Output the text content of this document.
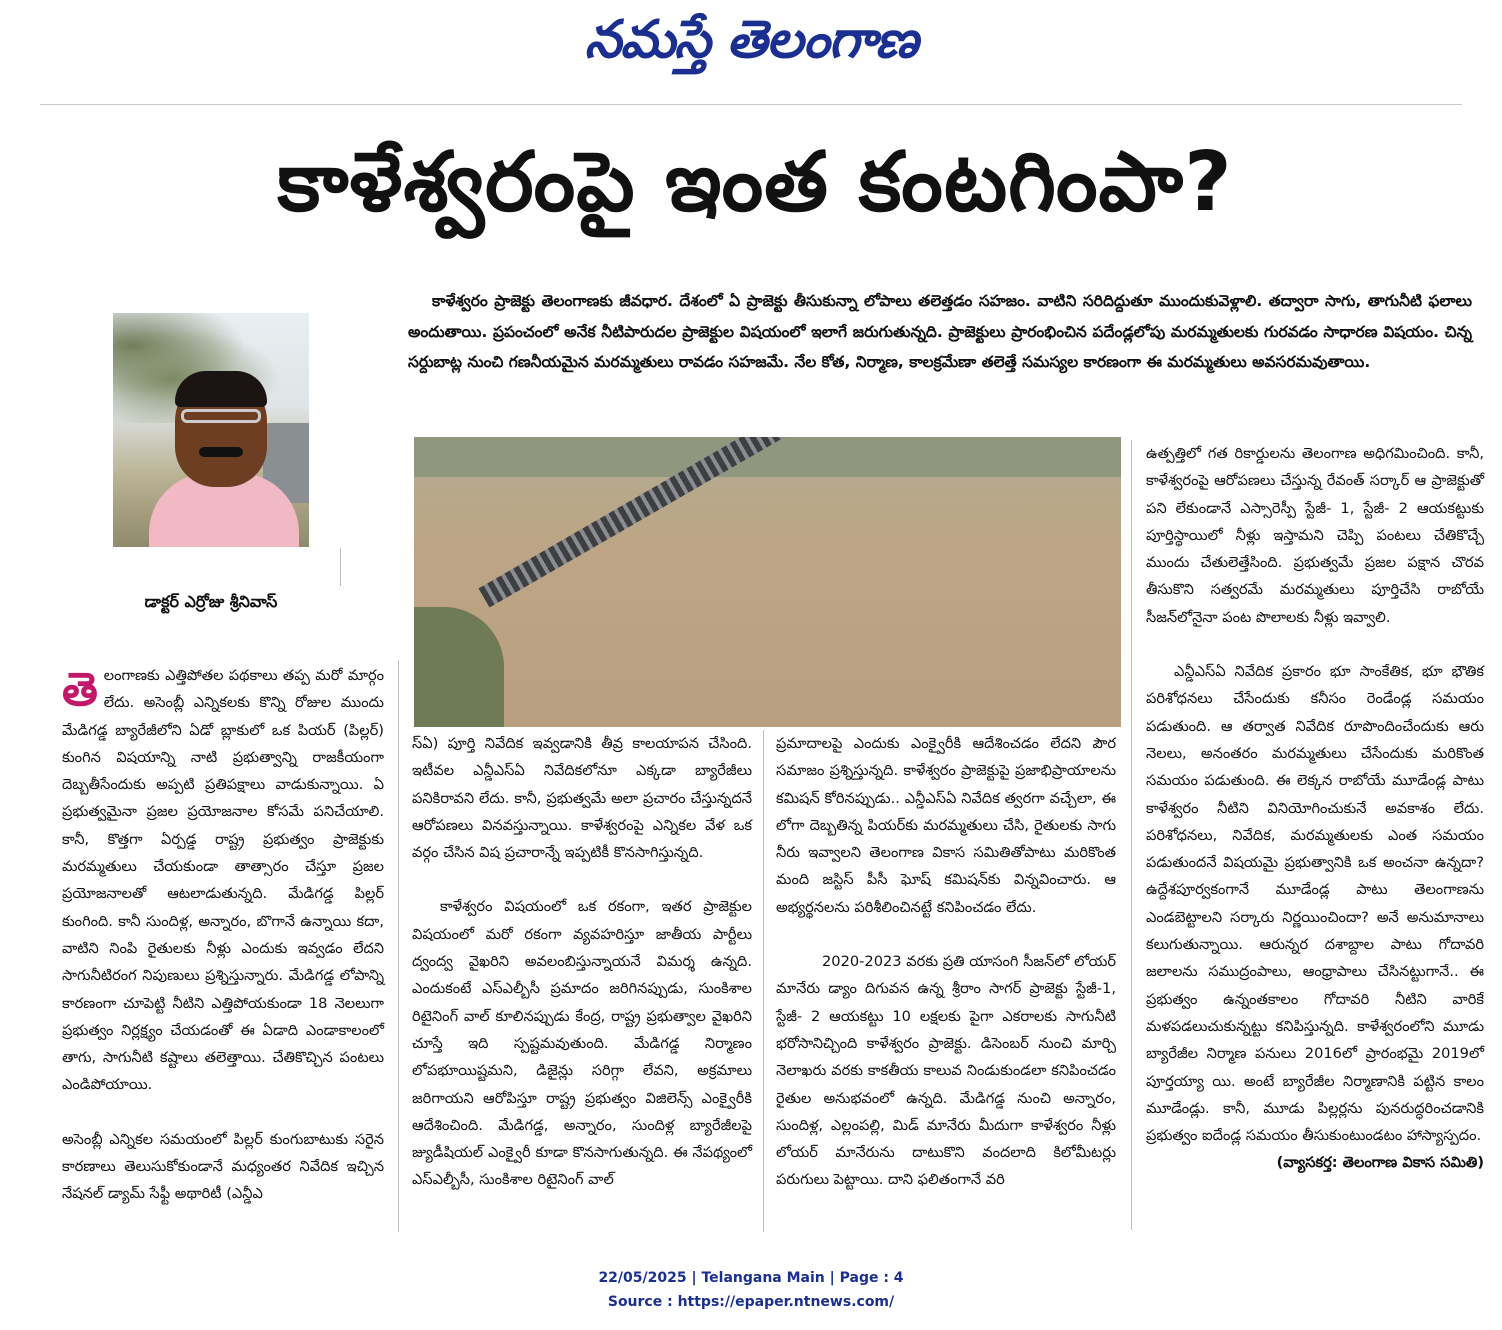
నమస్తే తెలంగాణ
కాళేశ్వరంపై ఇంత కంటగింపా?
కాళేశ్వరం ప్రాజెక్టు తెలంగాణకు జీవధార. దేశంలో ఏ ప్రాజెక్టు తీసుకున్నా లోపాలు తలెత్తడం సహజం. వాటిని సరిదిద్దుతూ ముందుకువెళ్లాలి. తద్వారా సాగు, తాగునీటి ఫలాలు అందుతాయి. ప్రపంచంలో అనేక నీటిపారుదల ప్రాజెక్టుల విషయంలో ఇలాగే జరుగుతున్నది. ప్రాజెక్టులు ప్రారంభించిన పదేండ్లలోపు మరమ్మతులకు గురవడం సాధారణ విషయం. చిన్న సర్దుబాట్ల నుంచి గణనీయమైన మరమ్మతులు రావడం సహజమే. నేల కోత, నిర్మాణ, కాలక్రమేణా తలెత్తే సమస్యల కారణంగా ఈ మరమ్మతులు అవసరమవుతాయి.
డాక్టర్ ఎర్రోజు శ్రీనివాస్

తెలంగాణకు ఎత్తిపోతల పథకాలు తప్ప మరో మార్గం లేదు. అసెంబ్లీ ఎన్నికలకు కొన్ని రోజుల ముందు మేడిగడ్డ బ్యారేజీలోని ఏడో బ్లాకులో ఒక పియర్ (పిల్లర్) కుంగిన విషయాన్ని నాటి ప్రభుత్వాన్ని రాజకీయంగా దెబ్బతీసేందుకు అప్పటి ప్రతిపక్షాలు వాడుకున్నాయి. ఏ ప్రభుత్వమైనా ప్రజల ప్రయోజనాల కోసమే పనిచేయాలి. కానీ, కొత్తగా ఏర్పడ్డ రాష్ట్ర ప్రభుత్వం ప్రాజెక్టుకు మరమ్మతులు చేయకుండా తాత్సారం చేస్తూ ప్రజల ప్రయోజనాలతో ఆటలాడుతున్నది. మేడిగడ్డ పిల్లర్ కుంగింది. కానీ సుందిళ్ల, అన్నారం, బొగానే ఉన్నాయి కదా, వాటిని నింపి రైతులకు నీళ్లు ఎందుకు ఇవ్వడం లేదని సాగునీటిరంగ నిపుణులు ప్రశ్నిస్తున్నారు. మేడిగడ్డ లోపాన్ని కారణంగా చూపెట్టి నీటిని ఎత్తిపోయకుండా 18 నెలలుగా ప్రభుత్వం నిర్లక్ష్యం చేయడంతో ఈ ఏడాది ఎండాకాలంలో తాగు, సాగునీటి కష్టాలు తలెత్తాయి. చేతికొచ్చిన పంటలు ఎండిపోయాయి.

అసెంబ్లీ ఎన్నికల సమయంలో పిల్లర్ కుంగుబాటుకు సరైన కారణాలు తెలుసుకోకుండానే మధ్యంతర నివేదిక ఇచ్చిన నేషనల్ డ్యామ్ సేఫ్టీ అథారిటీ (ఎన్డీఎ

స్ఏ) పూర్తి నివేదిక ఇవ్వడానికి తీవ్ర కాలయాపన చేసింది. ఇటీవల ఎన్డీఎస్ఏ నివేదికలోనూ ఎక్కడా బ్యారేజీలు పనికిరావని లేదు. కానీ, ప్రభుత్వమే అలా ప్రచారం చేస్తున్నదనే ఆరోపణలు వినవస్తున్నాయి. కాళేశ్వరంపై ఎన్నికల వేళ ఒక వర్గం చేసిన విష ప్రచారాన్నే ఇప్పటికీ కొనసాగిస్తున్నది.

కాళేశ్వరం విషయంలో ఒక రకంగా, ఇతర ప్రాజెక్టుల విషయంలో మరో రకంగా వ్యవహరిస్తూ జాతీయ పార్టీలు ద్వంద్వ వైఖరిని అవలంబిస్తున్నాయనే విమర్శ ఉన్నది. ఎందుకంటే ఎస్ఎల్బీసీ ప్రమాదం జరిగినప్పుడు, సుంకిశాల రిటైనింగ్ వాల్ కూలినప్పుడు కేంద్ర, రాష్ట్ర ప్రభుత్వాల వైఖరిని చూస్తే ఇది స్పష్టమవుతుంది. మేడిగడ్డ నిర్మాణం లోపభూయిష్టమని, డిజైన్లు సరిగ్గా లేవని, అక్రమాలు జరిగాయని ఆరోపిస్తూ రాష్ట్ర ప్రభుత్వం విజిలెన్స్ ఎంక్వైరీకి ఆదేశించింది. మేడిగడ్డ, అన్నారం, సుందిళ్ల బ్యారేజీలపై జ్యుడీషియల్ ఎంక్వైరీ కూడా కొనసాగుతున్నది. ఈ నేపథ్యంలో ఎస్ఎల్బీసీ, సుంకిశాల రిటైనింగ్ వాల్

ప్రమాదాలపై ఎందుకు ఎంక్వైరీకి ఆదేశించడం లేదని పౌర సమాజం ప్రశ్నిస్తున్నది. కాళేశ్వరం ప్రాజెక్టుపై ప్రజాభిప్రాయాలను కమిషన్ కోరినప్పుడు.. ఎన్డీఎస్ఏ నివేదిక త్వరగా వచ్చేలా, ఈ లోగా దెబ్బతిన్న పియర్‌కు మరమ్మతులు చేసి, రైతులకు సాగు నీరు ఇవ్వాలని తెలంగాణ వికాస సమితితోపాటు మరికొంత మంది జస్టిస్ పీసీ ఘోష్ కమిషన్‌కు విన్నవించారు. ఆ అభ్యర్థనలను పరిశీలించినట్టే కనిపించడం లేదు.

2020-2023 వరకు ప్రతి యాసంగి సీజన్‌లో లోయర్ మానేరు డ్యాం దిగువన ఉన్న శ్రీరాం సాగర్ ప్రాజెక్టు స్టేజీ-1, స్టేజీ- 2 ఆయకట్టు 10 లక్షలకు పైగా ఎకరాలకు సాగునీటి భరోసానిచ్చింది కాళేశ్వరం ప్రాజెక్టు. డిసెంబర్ నుంచి మార్చి నెలాఖరు వరకు కాకతీయ కాలువ నిండుకుండలా కనిపించడం రైతుల అనుభవంలో ఉన్నది. మేడిగడ్డ నుంచి అన్నారం, సుందిళ్ల, ఎల్లంపల్లి, మిడ్ మానేరు మీదుగా కాళేశ్వరం నీళ్లు లోయర్ మానేరును దాటుకొని వందలాది కిలోమీటర్లు పరుగులు పెట్టాయి. దాని ఫలితంగానే వరి

ఉత్పత్తిలో గత రికార్డులను తెలంగాణ అధిగమించింది. కానీ, కాళేశ్వరంపై ఆరోపణలు చేస్తున్న రేవంత్ సర్కార్ ఆ ప్రాజెక్టుతో పని లేకుండానే ఎస్సారెస్పీ స్టేజీ- 1, స్టేజీ- 2 ఆయకట్టుకు పూర్తిస్థాయిలో నీళ్లు ఇస్తామని చెప్పి పంటలు చేతికొచ్చే ముందు చేతులెత్తేసింది. ప్రభుత్వమే ప్రజల పక్షాన చొరవ తీసుకొని సత్వరమే మరమ్మతులు పూర్తిచేసి రాబోయే సీజన్‌లోనైనా పంట పొలాలకు నీళ్లు ఇవ్వాలి.

ఎన్డీఎస్ఏ నివేదిక ప్రకారం భూ సాంకేతిక, భూ భౌతిక పరిశోధనలు చేసేందుకు కనీసం రెండేండ్ల సమయం పడుతుంది. ఆ తర్వాత నివేదిక రూపొందించేందుకు ఆరు నెలలు, అనంతరం మరమ్మతులు చేసేందుకు మరికొంత సమయం పడుతుంది. ఈ లెక్కన రాబోయే మూడేండ్ల పాటు కాళేశ్వరం నీటిని వినియోగించుకునే అవకాశం లేదు. పరిశోధనలు, నివేదిక, మరమ్మతులకు ఎంత సమయం పడుతుందనే విషయమై ప్రభుత్వానికి ఒక అంచనా ఉన్నదా? ఉద్దేశపూర్వకంగానే మూడేండ్ల పాటు తెలంగాణను ఎండబెట్టాలని సర్కారు నిర్ణయించిందా? అనే అనుమానాలు కలుగుతున్నాయి. ఆరున్నర దశాబ్దాల పాటు గోదావరి జలాలను సముద్రంపాలు, ఆంధ్రాపాలు చేసినట్టుగానే.. ఈ ప్రభుత్వం ఉన్నంతకాలం గోదావరి నీటిని వారికే మళపడలుచుకున్నట్టు కనిపిస్తున్నది. కాళేశ్వరంలోని మూడు బ్యారేజీల నిర్మాణ పనులు 2016లో ప్రారంభమై 2019లో పూర్తయ్యా యి. అంటే బ్యారేజీల నిర్మాణానికి పట్టిన కాలం మూడేండ్లు. కానీ, మూడు పిల్లర్లను పునరుద్ధరించడానికి ప్రభుత్వం ఐదేండ్ల సమయం తీసుకుంటుండటం హాస్యాస్పదం.

(వ్యాసకర్త: తెలంగాణ వికాస సమితి)
22/05/2025 | Telangana Main | Page : 4
Source : https://epaper.ntnews.com/
